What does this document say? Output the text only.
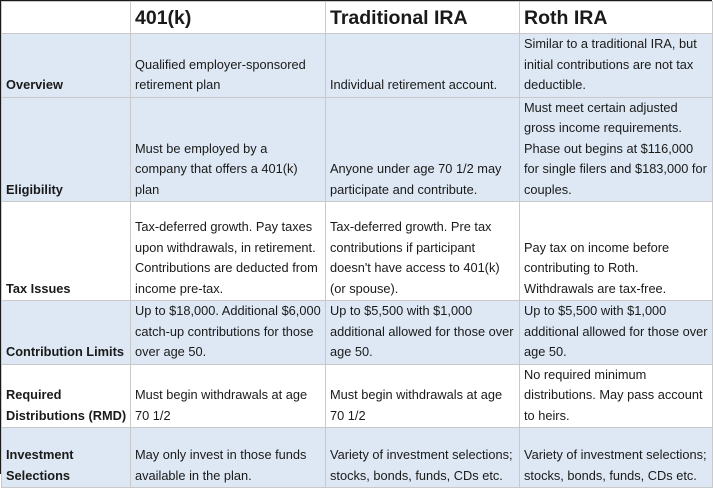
	401(k)	Traditional IRA	Roth IRA
Overview	Qualified employer-sponsored retirement plan	Individual retirement account.	Similar to a traditional IRA, but initial contributions are not tax deductible.
Eligibility	Must be employed by a company that offers a 401(k) plan	Anyone under age 70 1/2 may participate and contribute.	Must meet certain adjusted gross income requirements. Phase out begins at $116,000 for single filers and $183,000 for couples.
Tax Issues	Tax-deferred growth. Pay taxes upon withdrawals, in retirement. Contributions are deducted from income pre-tax.	Tax-deferred growth. Pre tax contributions if participant doesn't have access to 401(k) (or spouse).	Pay tax on income before contributing to Roth. Withdrawals are tax-free.
Contribution Limits	Up to $18,000. Additional $6,000 catch-up contributions for those over age 50.	Up to $5,500 with $1,000 additional allowed for those over age 50.	Up to $5,500 with $1,000 additional allowed for those over age 50.
Required Distributions (RMD)	Must begin withdrawals at age 70 1/2	Must begin withdrawals at age 70 1/2	No required minimum distributions. May pass account to heirs.
Investment Selections	May only invest in those funds available in the plan.	Variety of investment selections; stocks, bonds, funds, CDs etc.	Variety of investment selections; stocks, bonds, funds, CDs etc.
